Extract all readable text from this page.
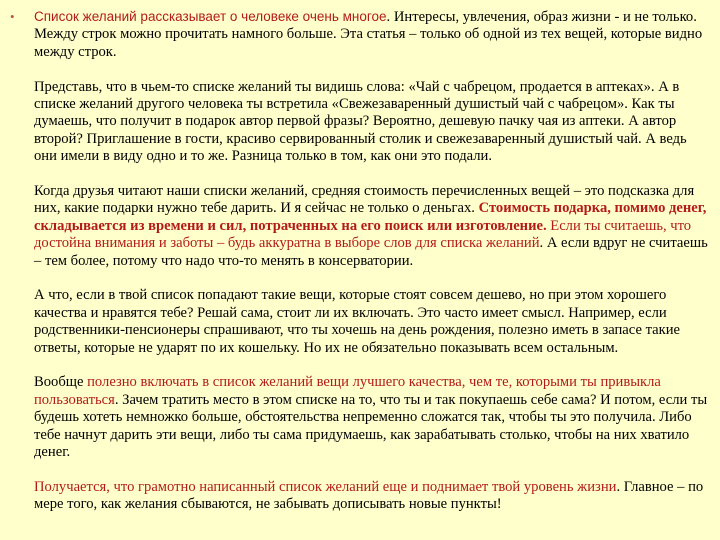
• Список желаний рассказывает о человеке очень многое. Интересы, увлечения, образ жизни - и не только. Между строк можно прочитать намного больше. Эта статья – только об одной из тех вещей, которые видно между строк.

Представь, что в чьем-то списке желаний ты видишь слова: «Чай с чабрецом, продается в аптеках». А в списке желаний другого человека ты встретила «Свежезаваренный душистый чай с чабрецом». Как ты думаешь, что получит в подарок автор первой фразы? Вероятно, дешевую пачку чая из аптеки. А автор второй? Приглашение в гости, красиво сервированный столик и свежезаваренный душистый чай. А ведь они имели в виду одно и то же. Разница только в том, как они это подали.

Когда друзья читают наши списки желаний, средняя стоимость перечисленных вещей – это подсказка для них, какие подарки нужно тебе дарить. И я сейчас не только о деньгах. Стоимость подарка, помимо денег, складывается из времени и сил, потраченных на его поиск или изготовление. Если ты считаешь, что достойна внимания и заботы – будь аккуратна в выборе слов для списка желаний. А если вдруг не считаешь – тем более, потому что надо что-то менять в консерватории.

А что, если в твой список попадают такие вещи, которые стоят совсем дешево, но при этом хорошего качества и нравятся тебе? Решай сама, стоит ли их включать. Это часто имеет смысл. Например, если родственники-пенсионеры спрашивают, что ты хочешь на день рождения, полезно иметь в запасе такие ответы, которые не ударят по их кошельку. Но их не обязательно показывать всем остальным.

Вообще полезно включать в список желаний вещи лучшего качества, чем те, которыми ты привыкла пользоваться. Зачем тратить место в этом списке на то, что ты и так покупаешь себе сама? И потом, если ты будешь хотеть немножко больше, обстоятельства непременно сложатся так, чтобы ты это получила. Либо тебе начнут дарить эти вещи, либо ты сама придумаешь, как зарабатывать столько, чтобы на них хватило денег.

Получается, что грамотно написанный список желаний еще и поднимает твой уровень жизни. Главное – по мере того, как желания сбываются, не забывать дописывать новые пункты!
